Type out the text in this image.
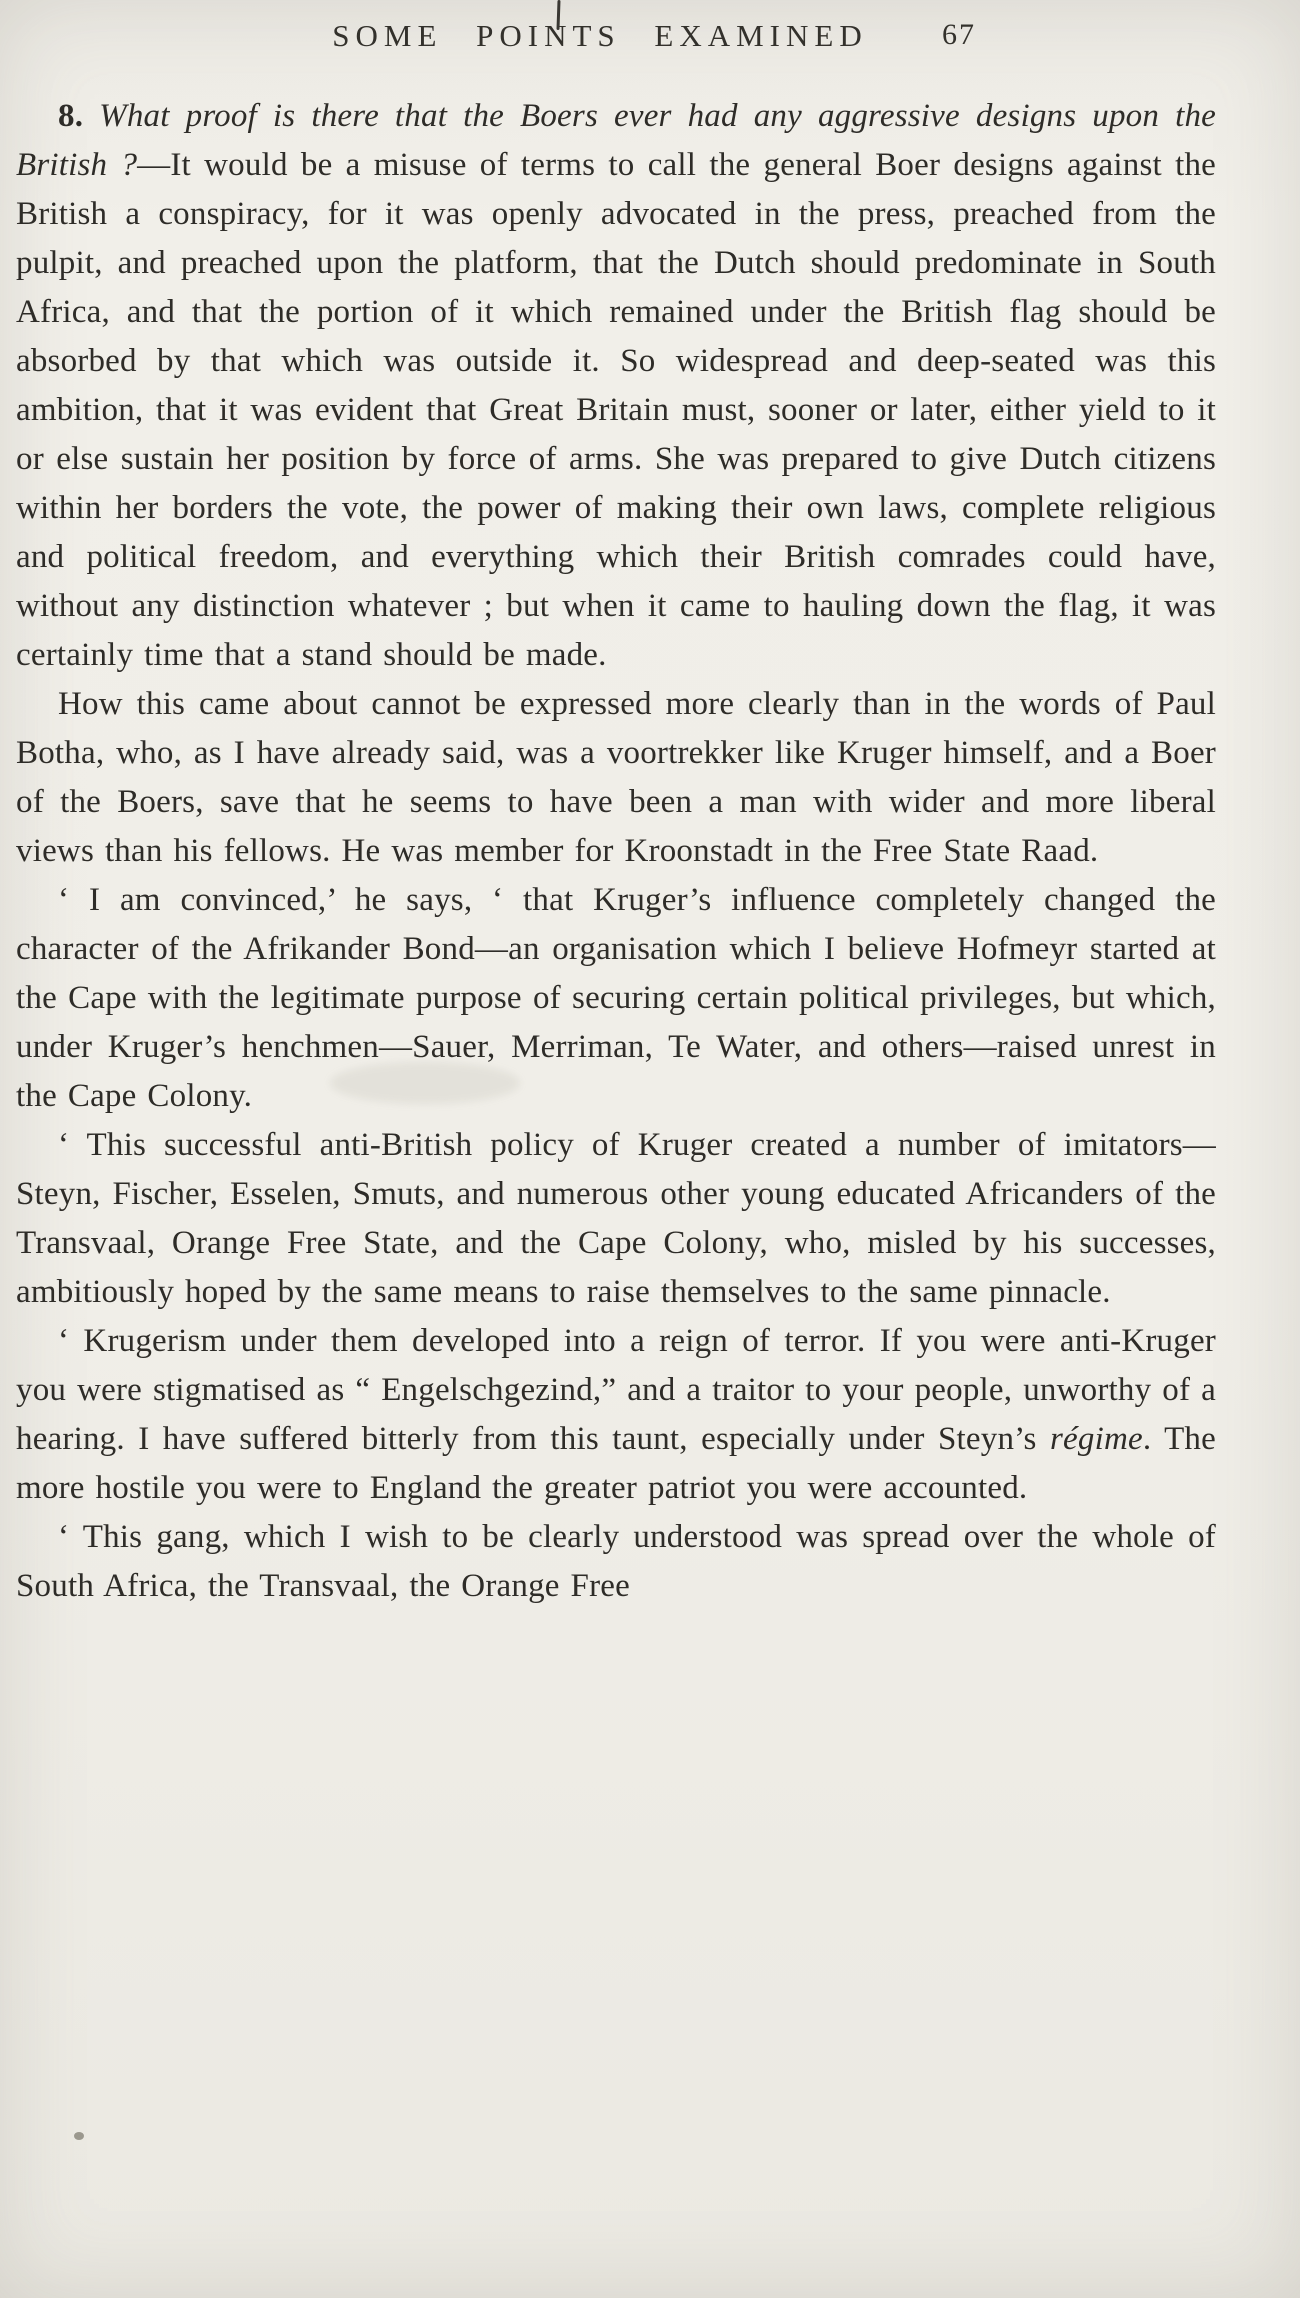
SOME POINTS EXAMINED	67

8. What proof is there that the Boers ever had any aggressive designs upon the British ?—It would be a misuse of terms to call the general Boer designs against the British a conspiracy, for it was openly advocated in the press, preached from the pulpit, and preached upon the platform, that the Dutch should predominate in South Africa, and that the portion of it which remained under the British flag should be absorbed by that which was outside it. So widespread and deep-seated was this ambition, that it was evident that Great Britain must, sooner or later, either yield to it or else sustain her position by force of arms. She was prepared to give Dutch citizens within her borders the vote, the power of making their own laws, complete religious and political freedom, and everything which their British comrades could have, without any distinction whatever ; but when it came to hauling down the flag, it was certainly time that a stand should be made.

How this came about cannot be expressed more clearly than in the words of Paul Botha, who, as I have already said, was a voortrekker like Kruger himself, and a Boer of the Boers, save that he seems to have been a man with wider and more liberal views than his fellows. He was member for Kroonstadt in the Free State Raad.

‘ I am convinced,’ he says, ‘ that Kruger’s influence completely changed the character of the Afrikander Bond—an organisation which I believe Hofmeyr started at the Cape with the legitimate purpose of securing certain political privileges, but which, under Kruger’s henchmen—Sauer, Merriman, Te Water, and others—raised unrest in the Cape Colony.

‘ This successful anti-British policy of Kruger created a number of imitators—Steyn, Fischer, Esselen, Smuts, and numerous other young educated Africanders of the Transvaal, Orange Free State, and the Cape Colony, who, misled by his successes, ambitiously hoped by the same means to raise themselves to the same pinnacle.

‘ Krugerism under them developed into a reign of terror. If you were anti-Kruger you were stigmatised as “ Engelschgezind,” and a traitor to your people, unworthy of a hearing. I have suffered bitterly from this taunt, especially under Steyn’s régime. The more hostile you were to England the greater patriot you were accounted.

‘ This gang, which I wish to be clearly understood was spread over the whole of South Africa, the Transvaal, the Orange Free
